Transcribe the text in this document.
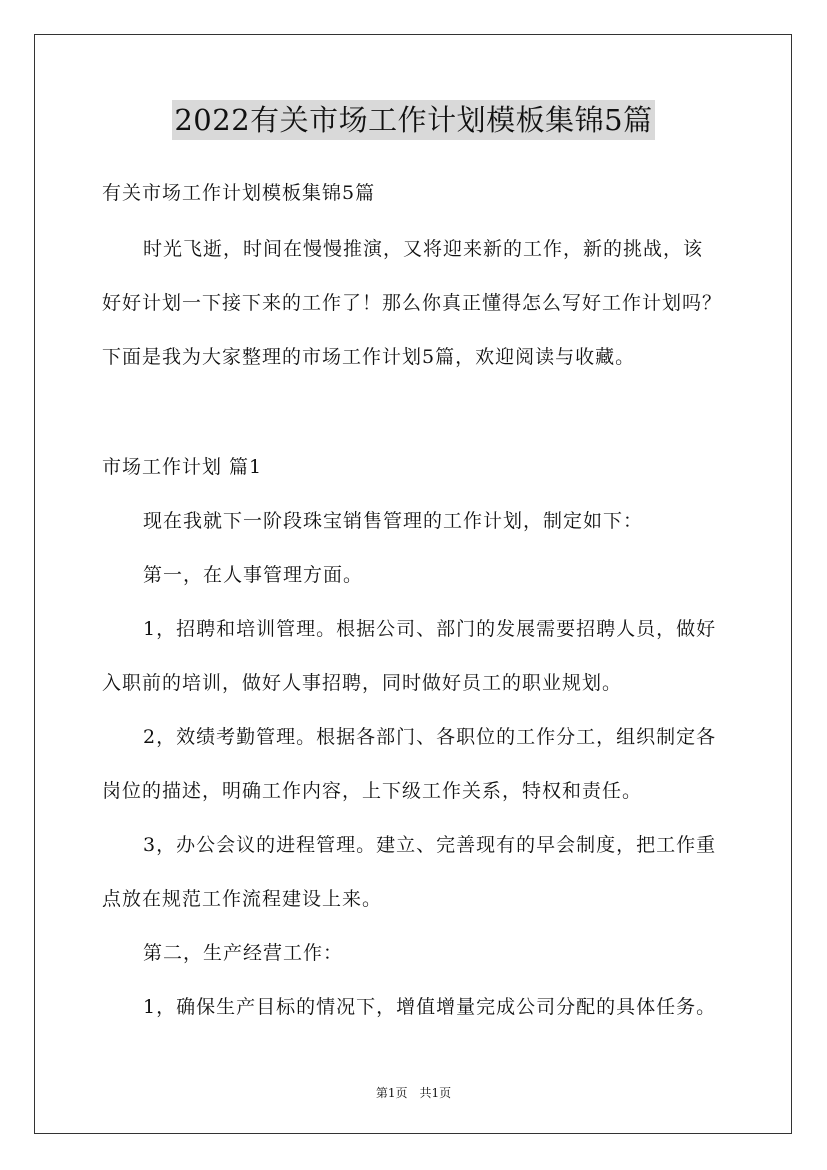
2022有关市场工作计划模板集锦5篇
有关市场工作计划模板集锦5篇
时光飞逝，时间在慢慢推演，又将迎来新的工作，新的挑战，该
好好计划一下接下来的工作了！那么你真正懂得怎么写好工作计划吗？
下面是我为大家整理的市场工作计划5篇，欢迎阅读与收藏。
市场工作计划 篇1
现在我就下一阶段珠宝销售管理的工作计划，制定如下：
第一，在人事管理方面。
1，招聘和培训管理。根据公司、部门的发展需要招聘人员，做好
入职前的培训，做好人事招聘，同时做好员工的职业规划。
2，效绩考勤管理。根据各部门、各职位的工作分工，组织制定各
岗位的描述，明确工作内容，上下级工作关系，特权和责任。
3，办公会议的进程管理。建立、完善现有的早会制度，把工作重
点放在规范工作流程建设上来。
第二，生产经营工作：
1，确保生产目标的情况下，增值增量完成公司分配的具体任务。
第1页　共1页
